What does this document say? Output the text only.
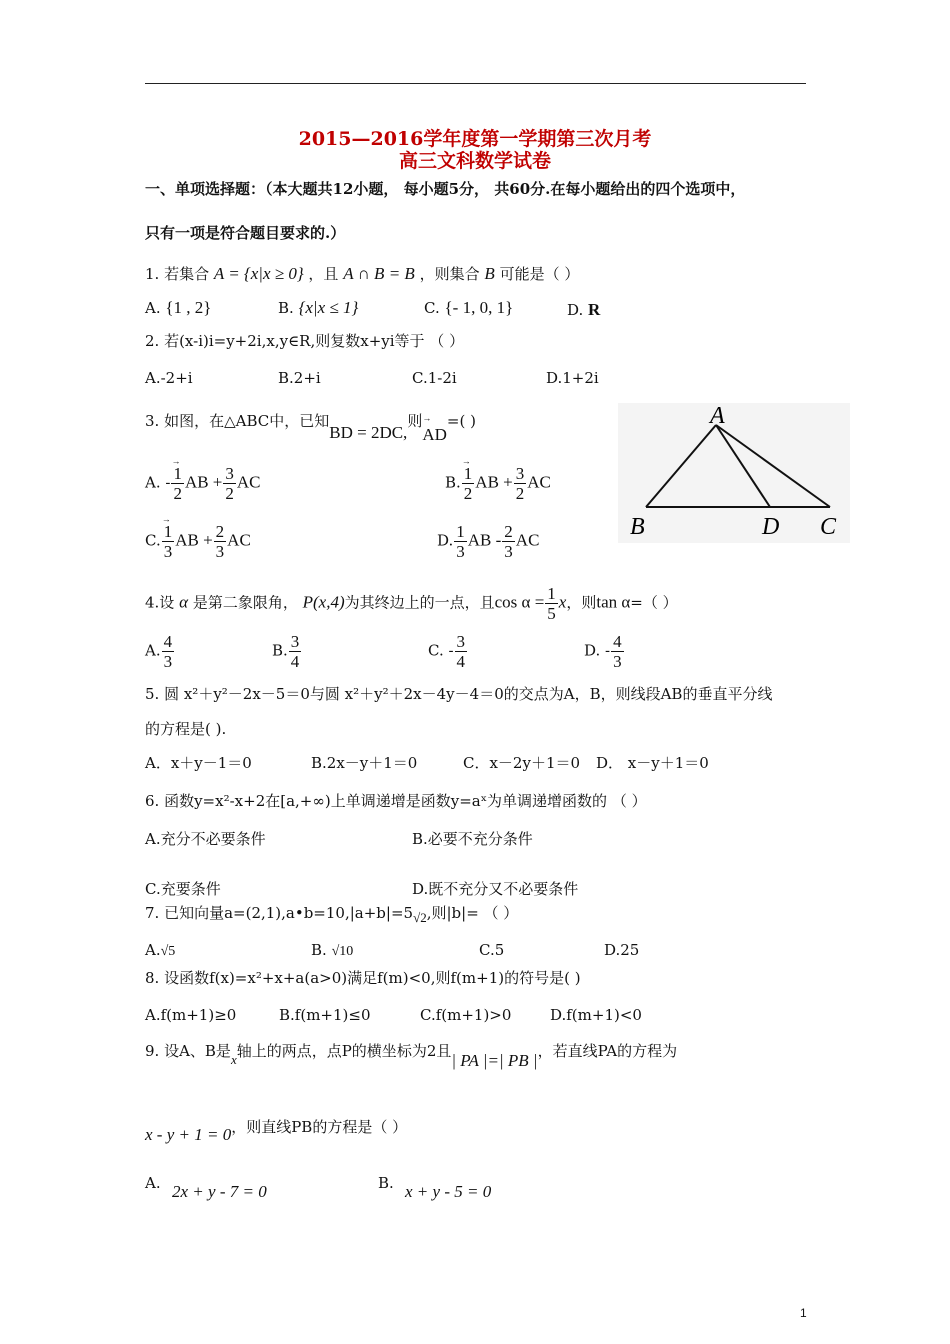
2015—2016学年度第一学期第三次月考
高三文科数学试卷
一、单项选择题：（本大题共12小题， 每小题5分， 共60分.在每小题给出的四个选项中，
只有一项是符合题目要求的.）
1. 若集合 A = {x|x ≥ 0} ，且 A ∩ B = B ，则集合 B 可能是（ ）
A. {1 , 2}	B. {x|x ≤ 1}	C. {- 1, 0, 1}	D. R
2. 若(x-i)i=y+2i,x,y∈R,则复数x+yi等于 （ ）
A.-2+i	B.2+i	C.1-2i	D.1+2i
3. 如图，在△ABC中，已知BD = 2DC,则→ AD=( )
A. - → $\frac{1}{2}$ AB + $\frac{3}{2}$ AC	B. → $\frac{1}{2}$ AB + $\frac{3}{2}$ AC
C. → $\frac{1}{3}$ AB + $\frac{2}{3}$ AC	D. $\frac{1}{3}$ AB - $\frac{2}{3}$ AC
A
B	D C
4.设 α 是第二象限角， P(x,4)为其终边上的一点，且$\cos \alpha = \frac{1}{5}$ x，则tan α=（ ）
A. $\frac{4}{3}$	B. $\frac{3}{4}$	C. - $\frac{3}{4}$	D. - $\frac{4}{3}$
5. 圆 x²＋y²－2x－5＝0与圆 x²＋y²＋2x－4y－4＝0的交点为A，B，则线段AB的垂直平分线
的方程是( ).
A．x＋y－1＝0	B.2x－y＋1＝0	C．x－2y＋1＝0 D． x－y＋1＝0
6. 函数y=x²-x+2在[a,+∞)上单调递增是函数y=aˣ为单调递增函数的 （ ）
A.充分不必要条件	B.必要不充分条件
C.充要条件	D.既不充分又不必要条件
7. 已知向量a=(2,1),a•b=10,|a+b|=5√2,则|b|= （ ）
A.√5	B. √10	C.5	D.25
8. 设函数f(x)=x²+x+a(a>0)满足f(m)<0,则f(m+1)的符号是( )
A.f(m+1)≥0	B.f(m+1)≤0	C.f(m+1)>0	D.f(m+1)<0
9. 设A、B是x轴上的两点，点P的横坐标为2且| PA |=| PB |，若直线PA的方程为
x - y + 1 = 0，则直线PB的方程是（ ）
A. 2x + y - 7 = 0	B. x + y - 5 = 0
1
